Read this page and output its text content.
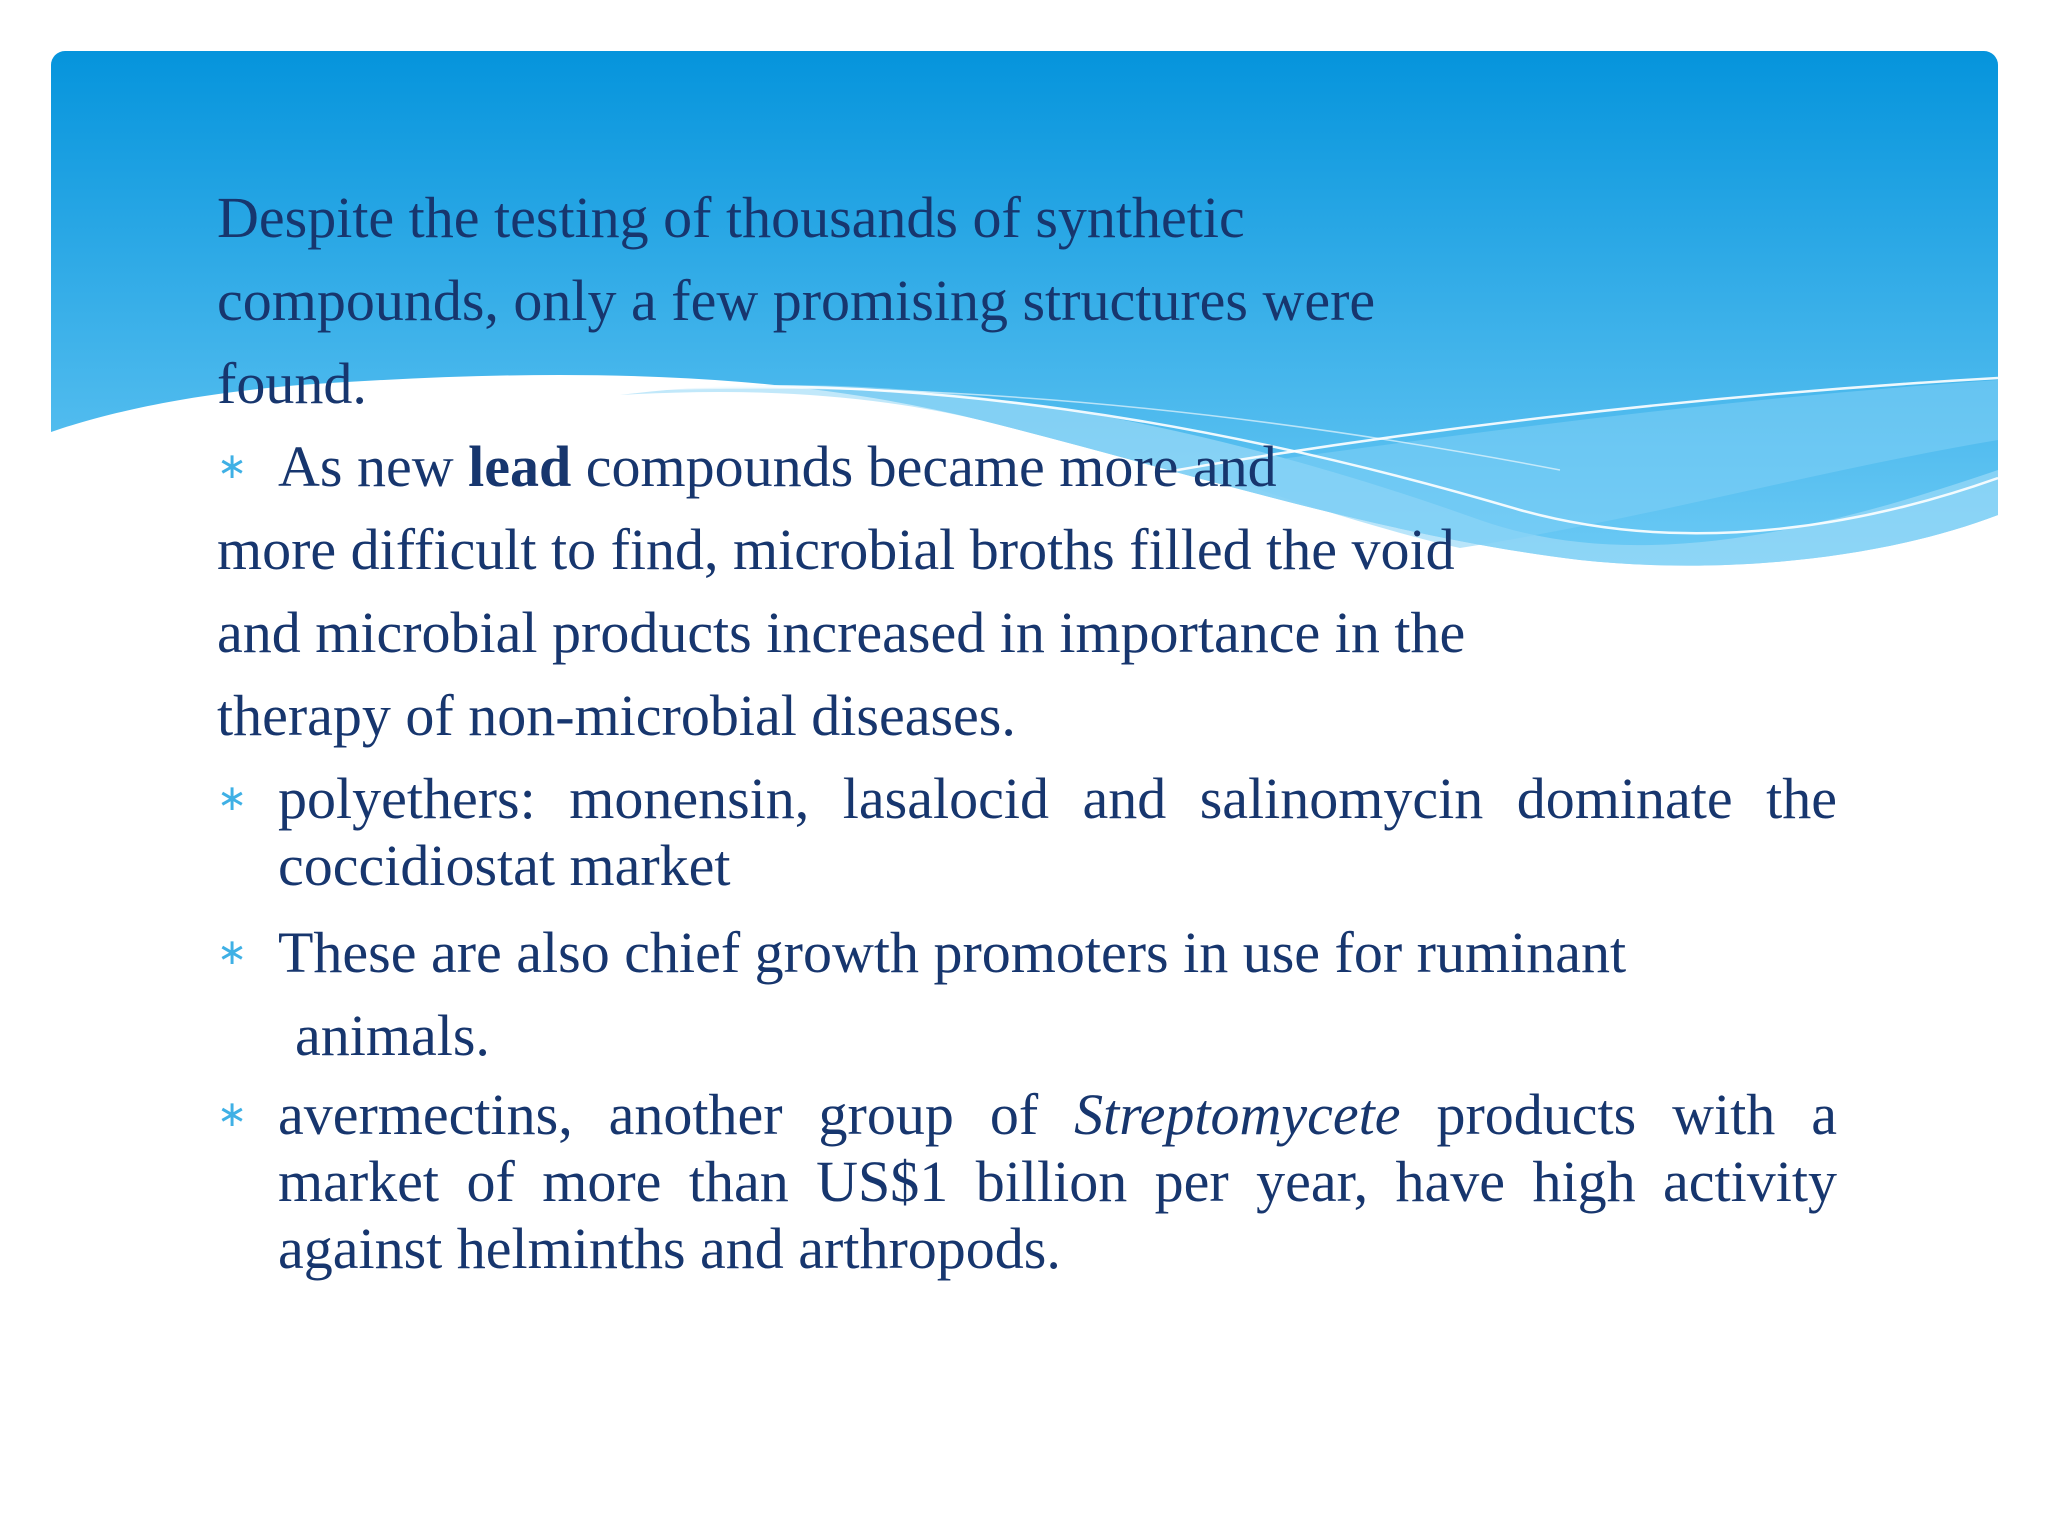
Despite the testing of thousands of synthetic compounds, only a few promising structures were found.

∗ As new lead compounds became more and

more difficult to find, microbial broths filled the void

and microbial products increased in importance in the

therapy of non-microbial diseases.

∗ polyethers: monensin, lasalocid and salinomycin dominate the coccidiostat market
∗ These are also chief growth promoters in use for ruminant

animals.

∗ avermectins, another group of Streptomycete products with a market of more than US$1 billion per year, have high activity against helminths and arthropods.
